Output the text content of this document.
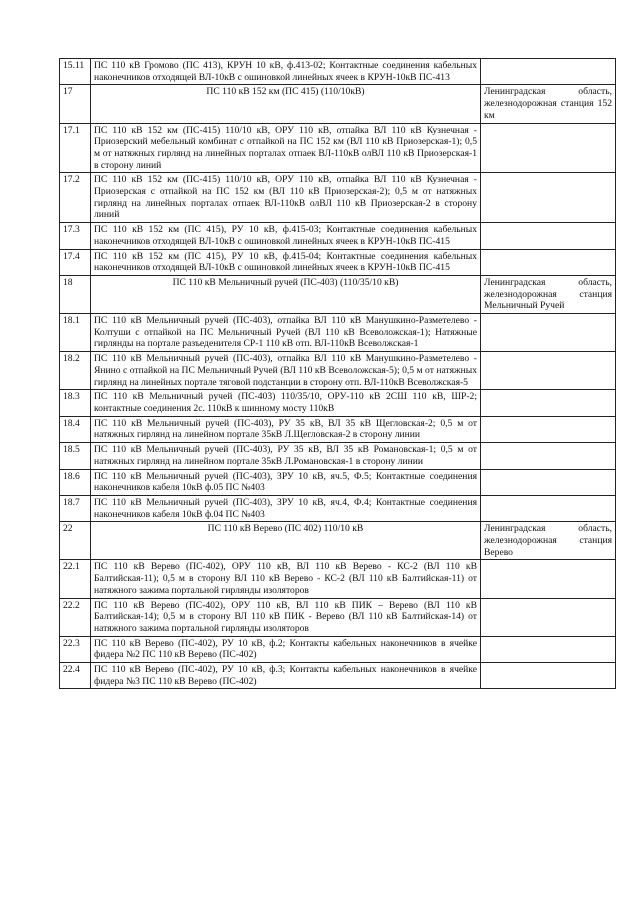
15.11	ПС 110 кВ Громово (ПС 413), КРУН 10 кВ, ф.413-02; Контактные соединения кабельных наконечников отходящей ВЛ-10кВ с ошиновкой линейных ячеек в КРУН-10кВ ПС-413	
17	ПС 110 кВ 152 км (ПС 415) (110/10кВ)	Ленинградская область, железнодорожная станция 152 км
17.1	ПС 110 кВ 152 км (ПС-415) 110/10 кВ, ОРУ 110 кВ, отпайка ВЛ 110 кВ Кузнечная - Приозерский мебельный комбинат с отпайкой на ПС 152 км (ВЛ 110 кВ Приозерская-1); 0,5 м от натяжных гирлянд на линейных порталах отпаек ВЛ-110кВ олВЛ 110 кВ Приозерская-1 в сторону линий	
17.2	ПС 110 кВ 152 км (ПС-415) 110/10 кВ, ОРУ 110 кВ, отпайка ВЛ 110 кВ Кузнечная - Приозерская с отпайкой на ПС 152 км (ВЛ 110 кВ Приозерская-2); 0,5 м от натяжных гирлянд на линейных порталах отпаек ВЛ-110кВ олВЛ 110 кВ Приозерская-2 в сторону линий	
17.3	ПС 110 кВ 152 км (ПС 415), РУ 10 кВ, ф.415-03; Контактные соединения кабельных наконечников отходящей ВЛ-10кВ с ошиновкой линейных ячеек в КРУН-10кВ ПС-415	
17.4	ПС 110 кВ 152 км (ПС 415), РУ 10 кВ, ф.415-04; Контактные соединения кабельных наконечников отходящей ВЛ-10кВ с ошиновкой линейных ячеек в КРУН-10кВ ПС-415	
18	ПС 110 кВ Мельничный ручей (ПС-403) (110/35/10 кВ)	Ленинградская область, железнодорожная станция Мельничный Ручей
18.1	ПС 110 кВ Мельничный ручей (ПС-403), отпайка ВЛ 110 кВ Манушкино-Разметелево - Колтуши с отпайкой на ПС Мельничный Ручей (ВЛ 110 кВ Всеволожская-1); Натяжные гирлянды на портале разъеденителя СР-1 110 кВ отп. ВЛ-110кВ Всеволжская-1	
18.2	ПС 110 кВ Мельничный ручей (ПС-403), отпайка ВЛ 110 кВ Манушкино-Разметелево - Янино с отпайкой на ПС Мельничный Ручей (ВЛ 110 кВ Всеволожская-5); 0,5 м от натяжных гирлянд на линейных портале тяговой подстанции в сторону отп. ВЛ-110кВ Всеволжская-5	
18.3	ПС 110 кВ Мельничный ручей (ПС-403) 110/35/10, ОРУ-110 кВ 2СШ 110 кВ, ШР-2; контактные соединения 2с. 110кВ к шинному мосту 110кВ	
18.4	ПС 110 кВ Мельничный ручей (ПС-403), РУ 35 кВ, ВЛ 35 кВ Щегловская-2; 0,5 м от натяжных гирлянд на линейном портале 35кВ Л.Щегловская-2 в сторону линии	
18.5	ПС 110 кВ Мельничный ручей (ПС-403), РУ 35 кВ, ВЛ 35 кВ Романовская-1; 0,5 м от натяжных гирлянд на линейном портале 35кВ Л.Романовская-1 в сторону линии	
18.6	ПС 110 кВ Мельничный ручей (ПС-403), ЗРУ 10 кВ, яч.5, Ф.5; Контактные соединения наконечников кабеля 10кВ ф.05 ПС №403	
18.7	ПС 110 кВ Мельничный ручей (ПС-403), ЗРУ 10 кВ, яч.4, Ф.4; Контактные соединения наконечников кабеля 10кВ ф.04 ПС №403	
22	ПС 110 кВ Верево (ПС 402) 110/10 кВ	Ленинградская область, железнодорожная станция Верево
22.1	ПС 110 кВ Верево (ПС-402), ОРУ 110 кВ, ВЛ 110 кВ Верево - КС-2 (ВЛ 110 кВ Балтийская-11); 0,5 м в сторону ВЛ 110 кВ Верево - КС-2 (ВЛ 110 кВ Балтийская-11) от натяжного зажима портальной гирлянды изоляторов	
22.2	ПС 110 кВ Верево (ПС-402), ОРУ 110 кВ, ВЛ 110 кВ ПИК – Верево (ВЛ 110 кВ Балтийская-14); 0,5 м в сторону ВЛ 110 кВ ПИК - Верево (ВЛ 110 кВ Балтийская-14) от натяжного зажима портальной гирлянды изоляторов	
22.3	ПС 110 кВ Верево (ПС-402), РУ 10 кВ, ф.2; Контакты кабельных наконечников в ячейке фидера №2 ПС 110 кВ Верево (ПС-402)	
22.4	ПС 110 кВ Верево (ПС-402), РУ 10 кВ, ф.3; Контакты кабельных наконечников в ячейке фидера №3 ПС 110 кВ Верево (ПС-402)	
